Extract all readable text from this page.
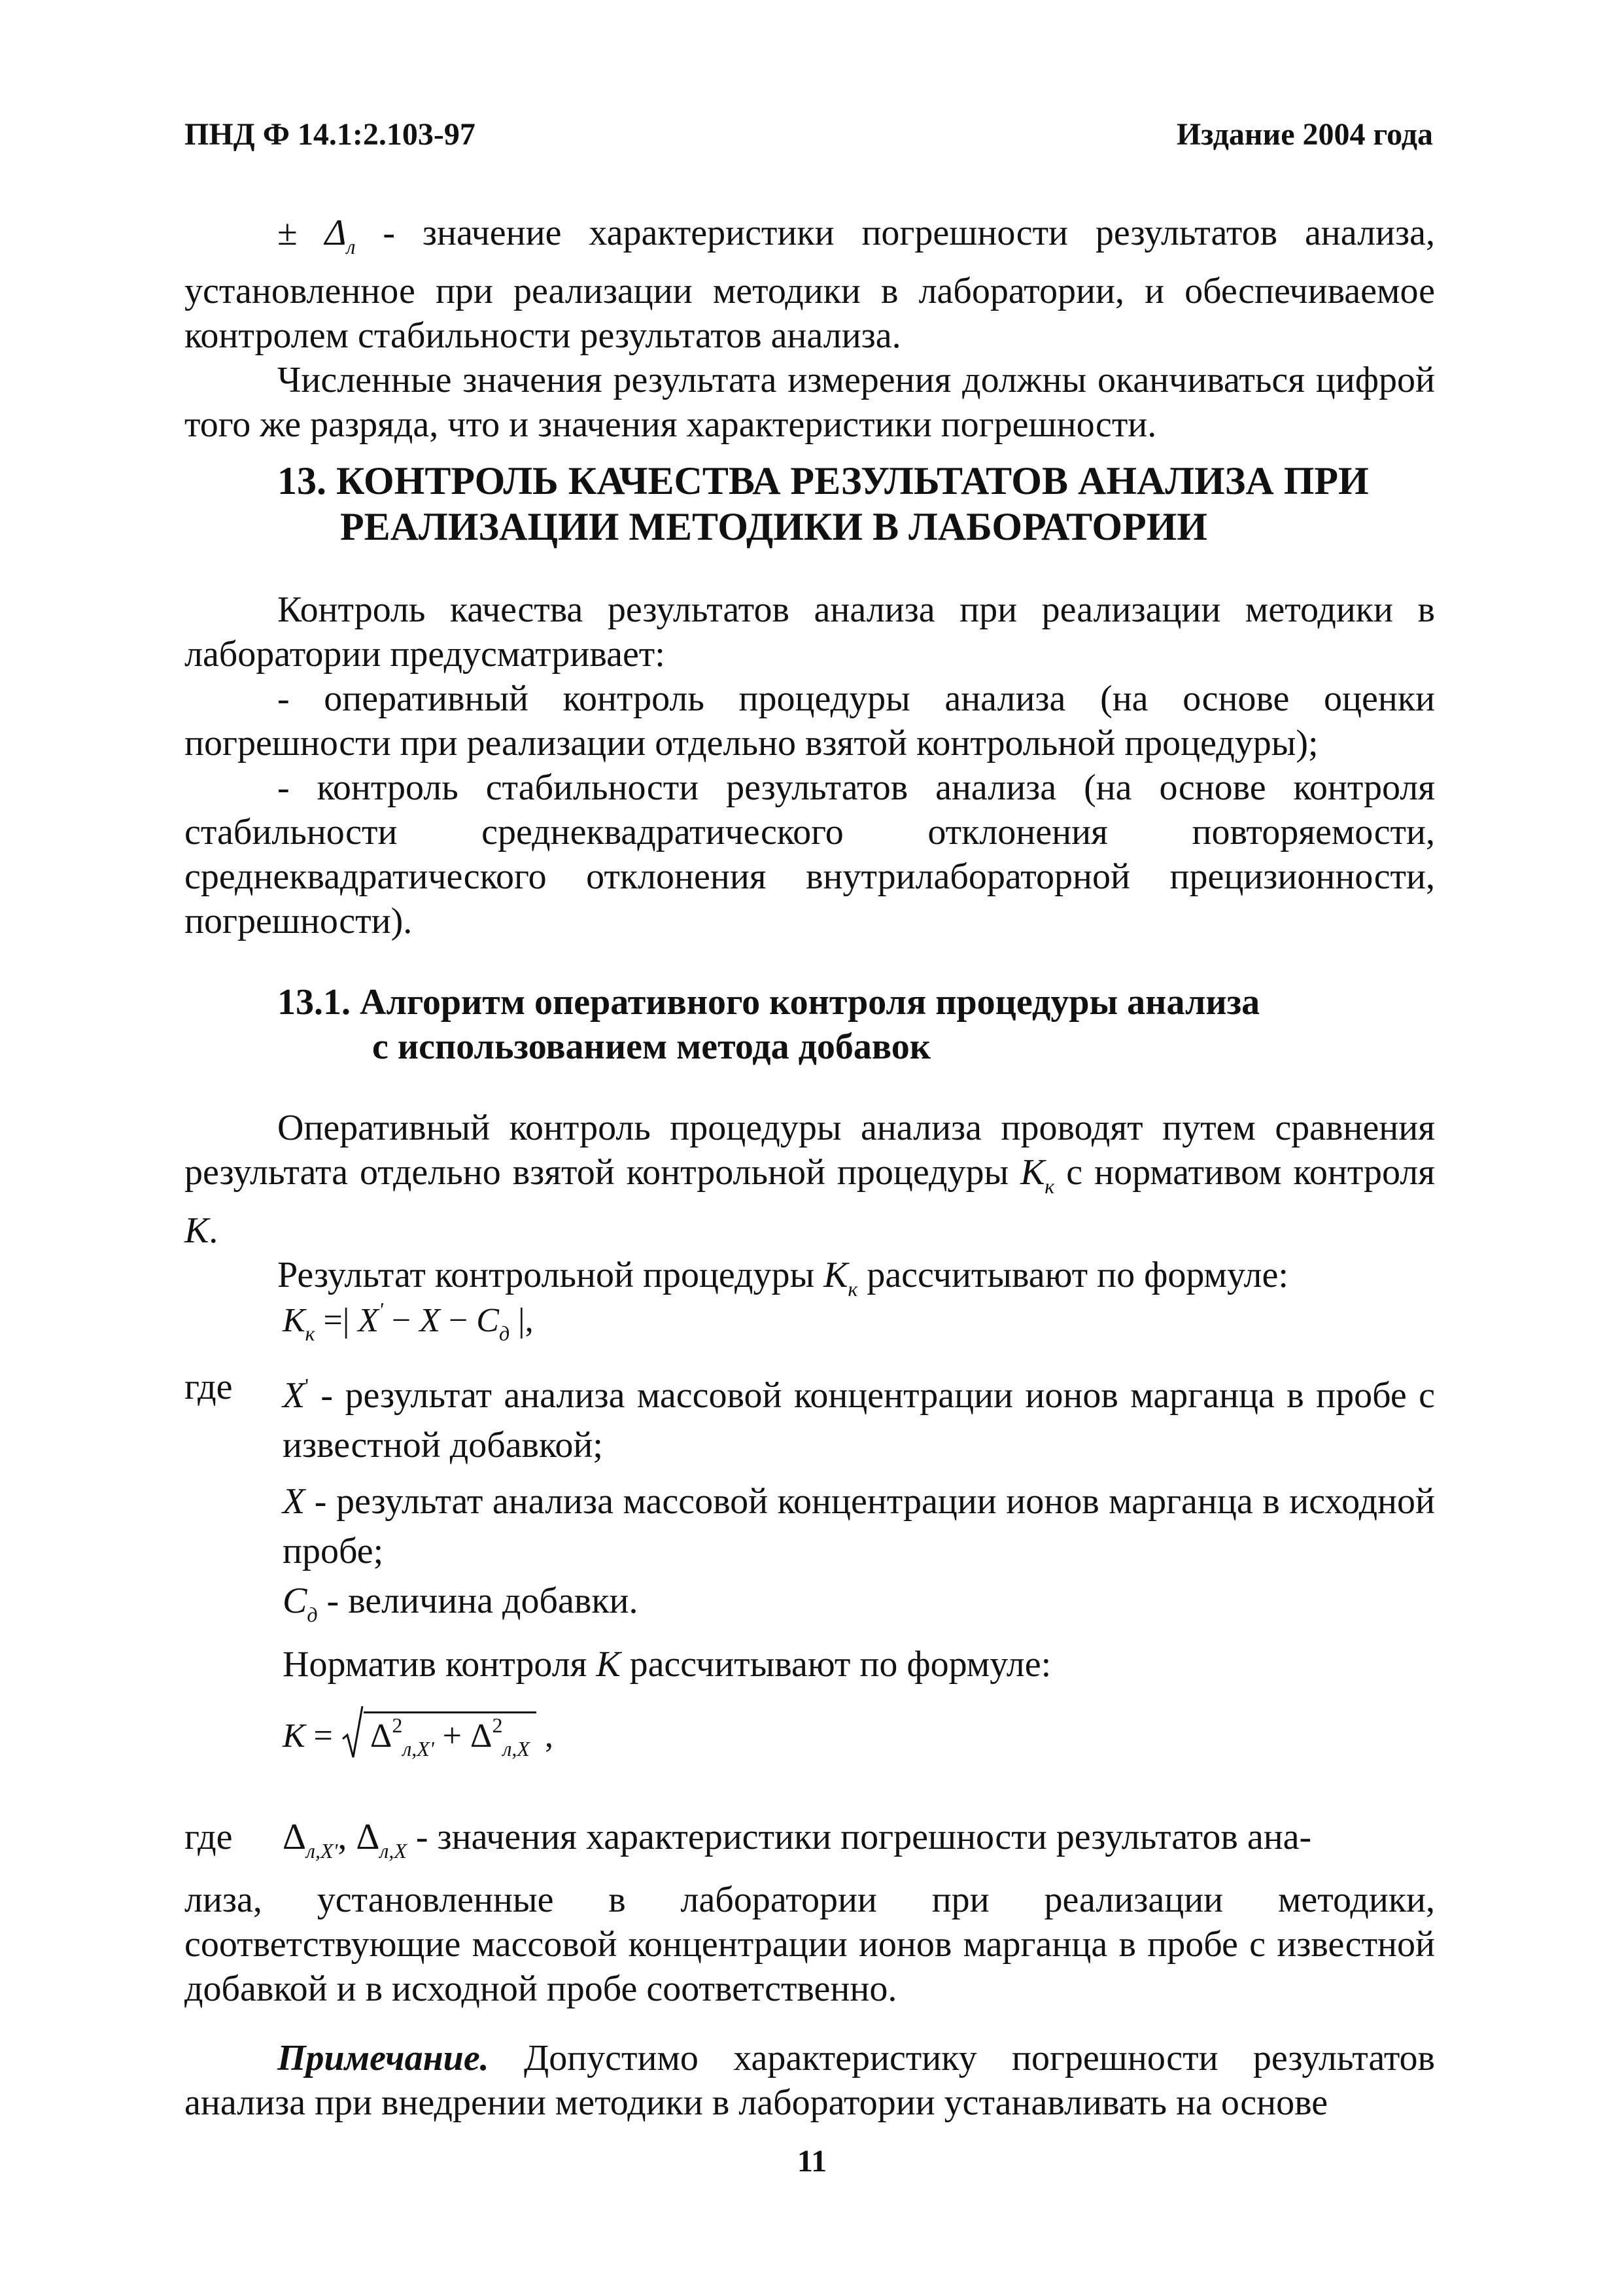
ПНД Ф 14.1:2.103-97	Издание 2004 года

± $\Delta_л$ - значение характеристики погрешности результатов анализа, установленное при реализации методики в лаборатории, и обеспечиваемое контролем стабильности результатов анализа.

Численные значения результата измерения должны оканчиваться цифрой того же разряда, что и значения характеристики погрешности.

13. КОНТРОЛЬ КАЧЕСТВА РЕЗУЛЬТАТОВ АНАЛИЗА ПРИ
РЕАЛИЗАЦИИ МЕТОДИКИ В ЛАБОРАТОРИИ

Контроль качества результатов анализа при реализации методики в лаборатории предусматривает:

- оперативный контроль процедуры анализа (на основе оценки погрешности при реализации отдельно взятой контрольной процедуры);

- контроль стабильности результатов анализа (на основе контроля стабильности среднеквадратического отклонения повторяемости, среднеквадратического отклонения внутрилабораторной прецизионности, погрешности).

13.1. Алгоритм оперативного контроля процедуры анализа
с использованием метода добавок

Оперативный контроль процедуры анализа проводят путем сравнения результата отдельно взятой контрольной процедуры $К_к$ с нормативом контроля К.

Результат контрольной процедуры $К_к$ рассчитывают по формуле:

$К_к$ =| $X' - X - C_д$ |,
где X' - результат анализа массовой концентрации ионов марганца в пробе с известной добавкой;

X - результат анализа массовой концентрации ионов марганца в исходной пробе;

$C_д$ - величина добавки.

Норматив контроля К рассчитывают по формуле:

К =
$\Delta^2_{л,X'} + \Delta^2_{л,X}$ ,
где $\Delta_{л,X'}$, $\Delta_{л,X}$ - значения характеристики погрешности результатов ана-

лиза, установленные в лаборатории при реализации методики, соответствующие массовой концентрации ионов марганца в пробе с известной добавкой и в исходной пробе соответственно.

Примечание. Допустимо характеристику погрешности результатов анализа при внедрении методики в лаборатории устанавливать на основе

11
